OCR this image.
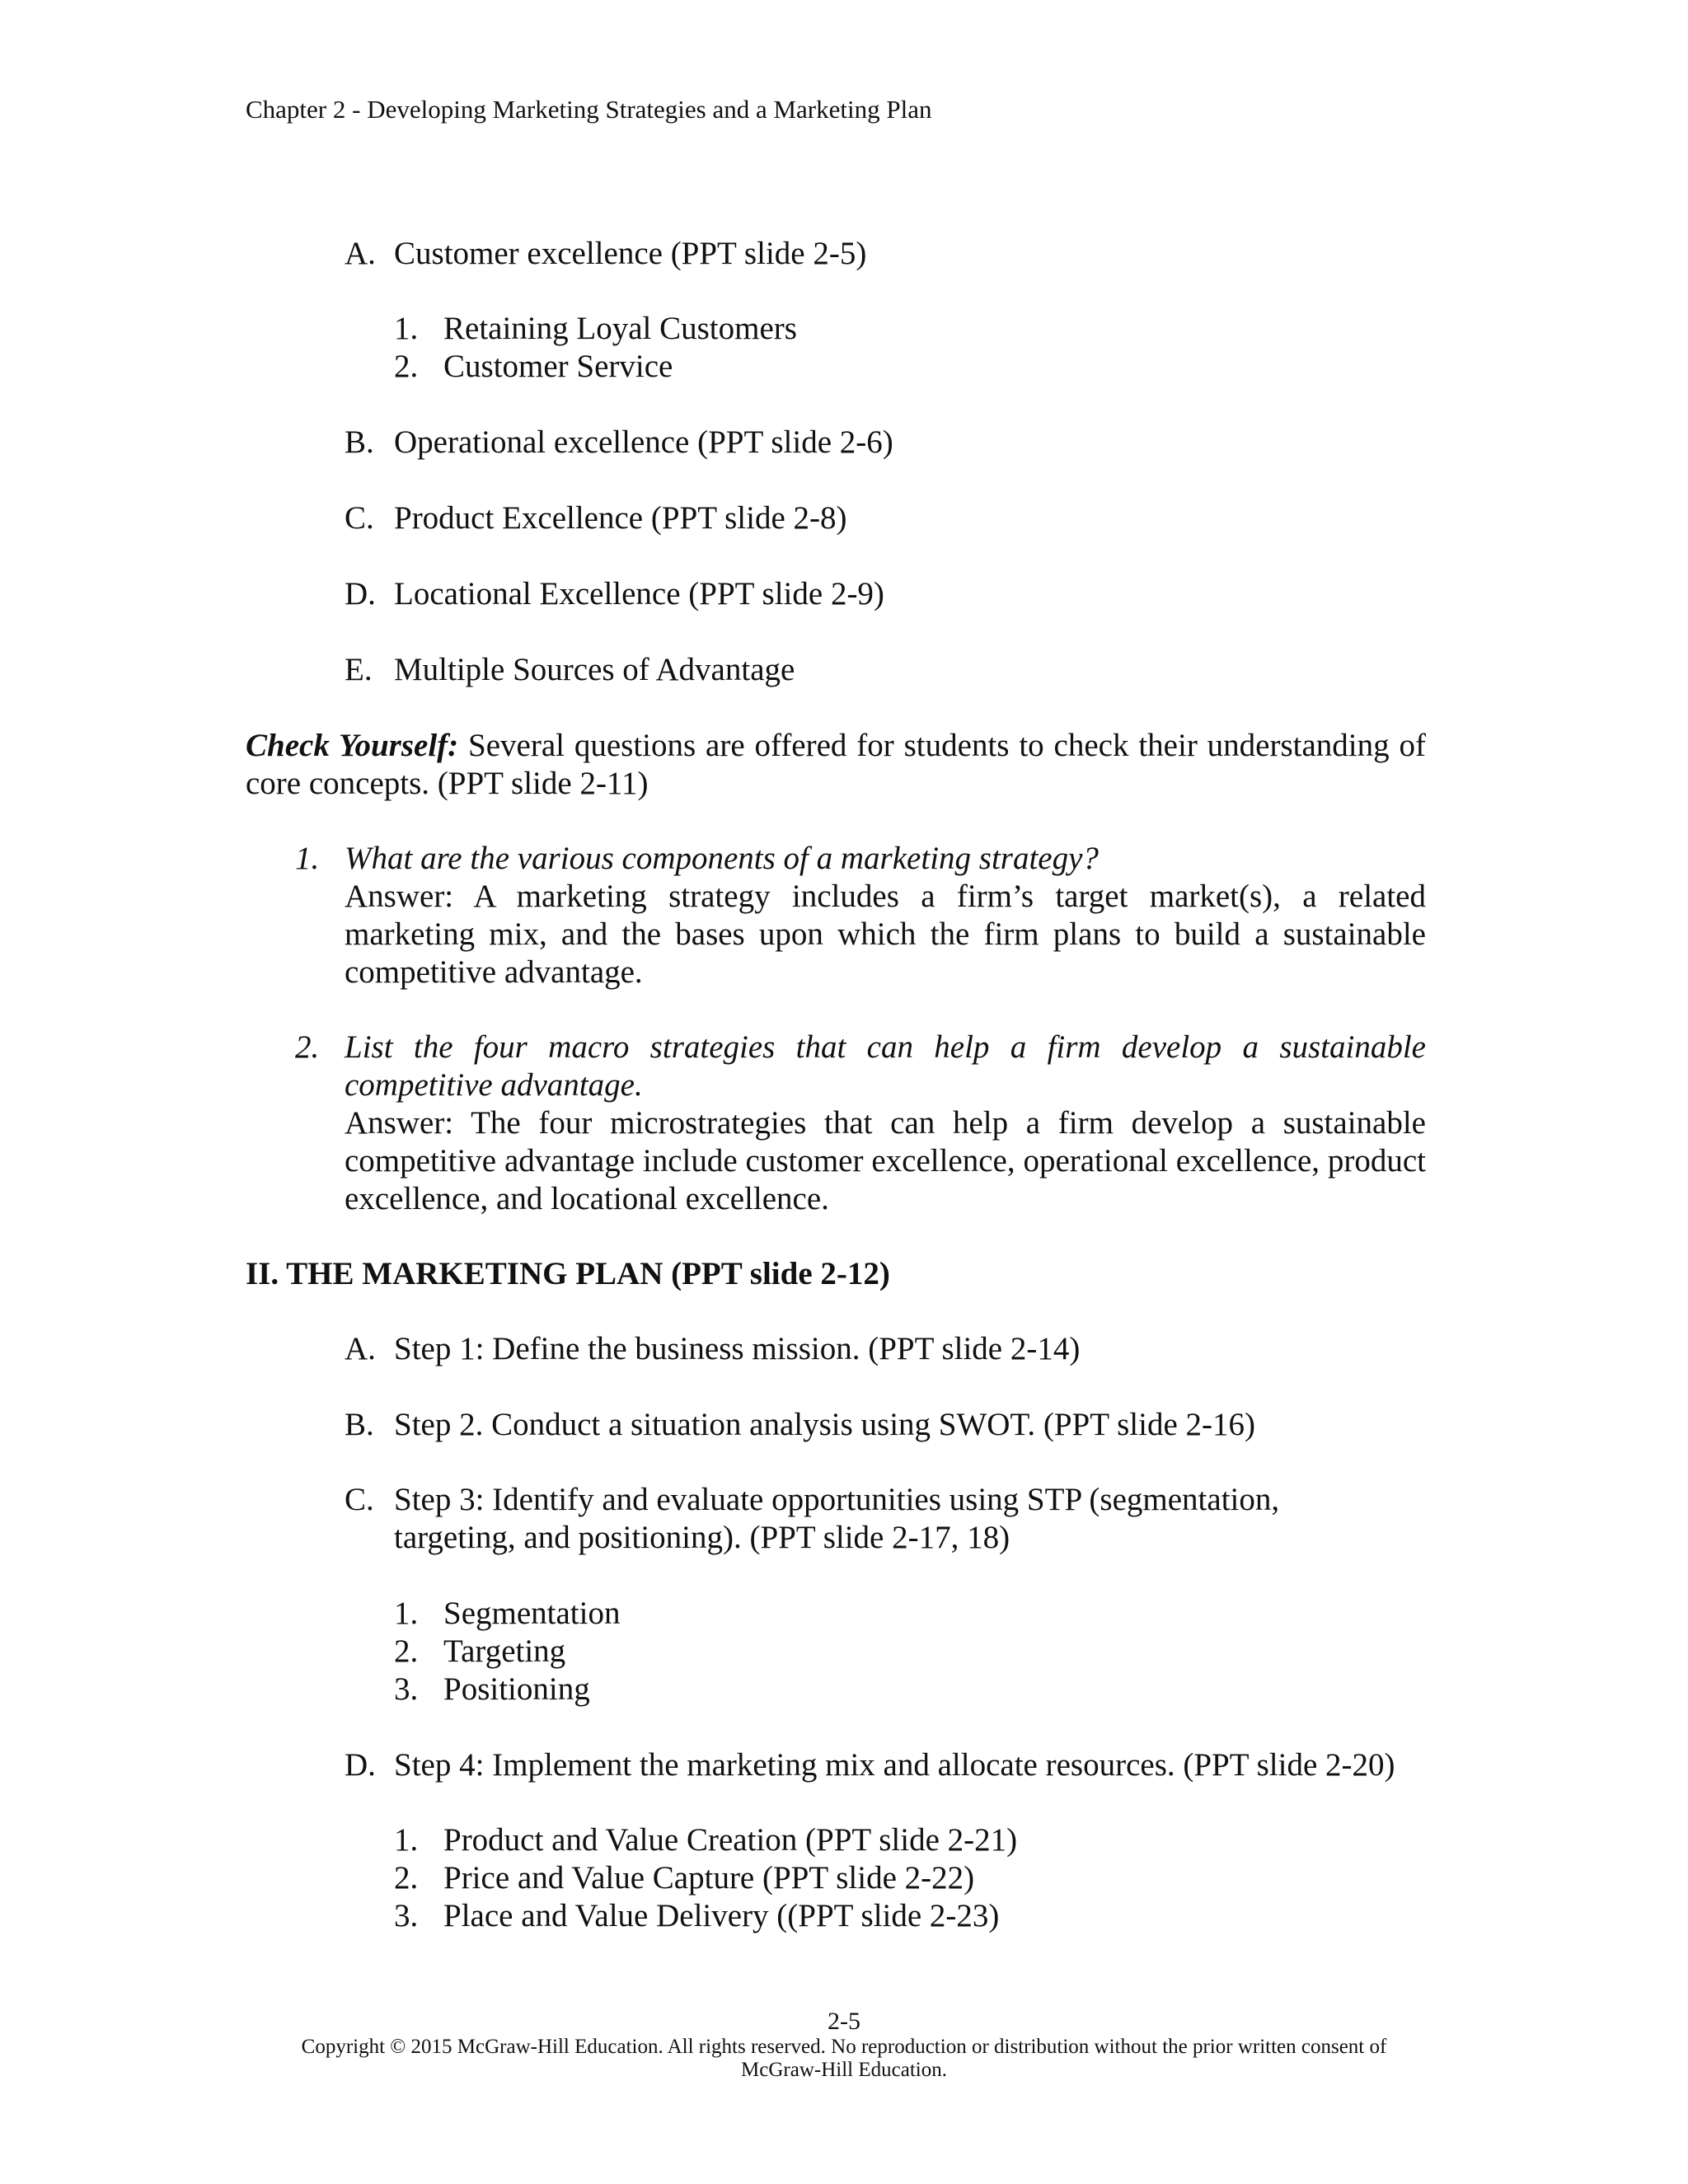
Chapter 2 - Developing Marketing Strategies and a Marketing Plan
A. Customer excellence (PPT slide 2-5)
1. Retaining Loyal Customers
2. Customer Service
B. Operational excellence (PPT slide 2-6)
C. Product Excellence (PPT slide 2-8)
D. Locational Excellence (PPT slide 2-9)
E. Multiple Sources of Advantage
Check Yourself: Several questions are offered for students to check their understanding of core concepts. (PPT slide 2-11)
1. What are the various components of a marketing strategy?
Answer: A marketing strategy includes a firm’s target market(s), a related marketing mix, and the bases upon which the firm plans to build a sustainable competitive advantage.
2. List the four macro strategies that can help a firm develop a sustainable competitive advantage.
Answer: The four microstrategies that can help a firm develop a sustainable competitive advantage include customer excellence, operational excellence, product excellence, and locational excellence.
II. THE MARKETING PLAN (PPT slide 2-12)
A. Step 1: Define the business mission. (PPT slide 2-14)
B. Step 2. Conduct a situation analysis using SWOT. (PPT slide 2-16)
C. Step 3: Identify and evaluate opportunities using STP (segmentation,
targeting, and positioning). (PPT slide 2-17, 18)
1. Segmentation
2. Targeting
3. Positioning
D. Step 4: Implement the marketing mix and allocate resources. (PPT slide 2-20)
1. Product and Value Creation (PPT slide 2-21)
2. Price and Value Capture (PPT slide 2-22)
3. Place and Value Delivery ((PPT slide 2-23)
2-5
Copyright © 2015 McGraw-Hill Education. All rights reserved. No reproduction or distribution without the prior written consent of
McGraw-Hill Education.
